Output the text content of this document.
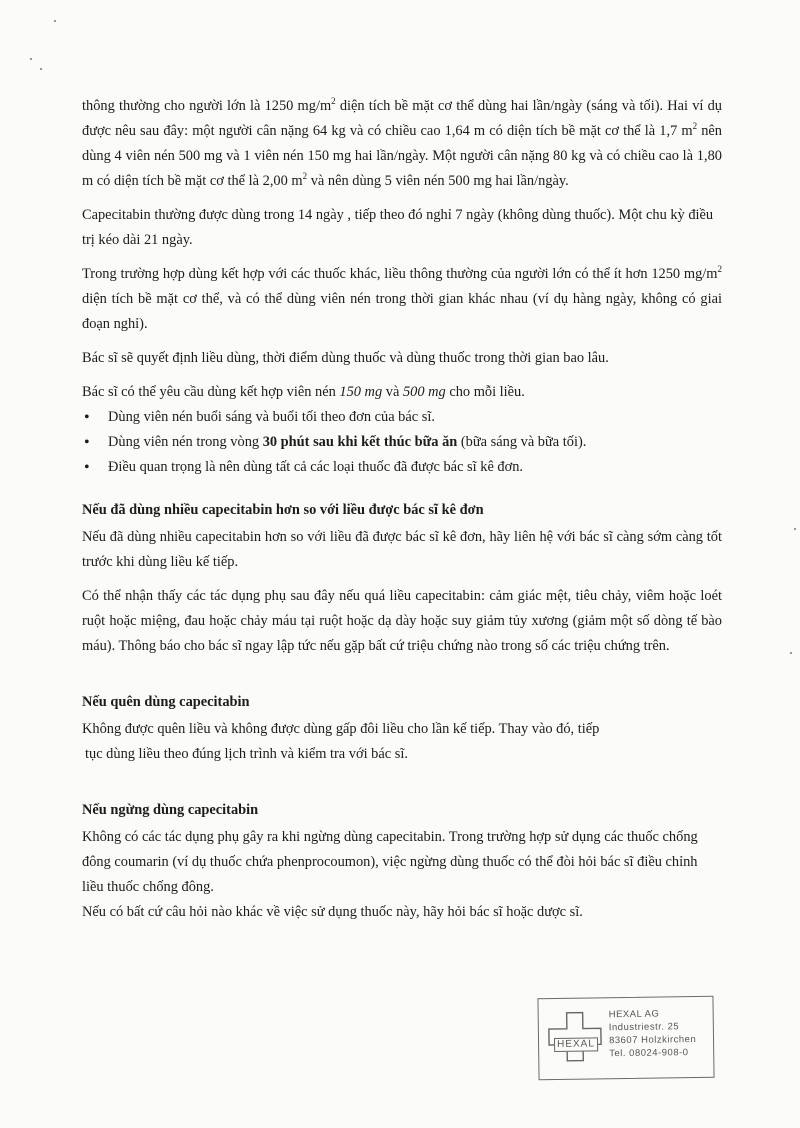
thông thường cho người lớn là 1250 $mg/m^2$ diện tích bề mặt cơ thể dùng hai lần/ngày (sáng và tối). Hai ví dụ được nêu sau đây: một người cân nặng 64 kg và có chiều cao 1,64 m có diện tích bề mặt cơ thể là 1,7 $m^2$ nên dùng 4 viên nén 500 mg và 1 viên nén 150 mg hai lần/ngày. Một người cân nặng 80 kg và có chiều cao là 1,80 m có diện tích bề mặt cơ thể là 2,00 $m^2$ và nên dùng 5 viên nén 500 mg hai lần/ngày.

Capecitabin thường được dùng trong 14 ngày , tiếp theo đó nghỉ 7 ngày (không dùng thuốc). Một chu kỳ điều trị kéo dài 21 ngày.

Trong trường hợp dùng kết hợp với các thuốc khác, liều thông thường của người lớn có thể ít hơn 1250 $mg/m^2$ diện tích bề mặt cơ thể, và có thể dùng viên nén trong thời gian khác nhau (ví dụ hàng ngày, không có giai đoạn nghỉ).

Bác sĩ sẽ quyết định liều dùng, thời điểm dùng thuốc và dùng thuốc trong thời gian bao lâu.

Bác sĩ có thể yêu cầu dùng kết hợp viên nén 150 mg và 500 mg cho mỗi liều.

• Dùng viên nén buổi sáng và buổi tối theo đơn của bác sĩ.
• Dùng viên nén trong vòng 30 phút sau khi kết thúc bữa ăn (bữa sáng và bữa tối).
• Điều quan trọng là nên dùng tất cả các loại thuốc đã được bác sĩ kê đơn.
Nếu đã dùng nhiều capecitabin hơn so với liều được bác sĩ kê đơn

Nếu đã dùng nhiều capecitabin hơn so với liều đã được bác sĩ kê đơn, hãy liên hệ với bác sĩ càng sớm càng tốt trước khi dùng liều kế tiếp.

Có thể nhận thấy các tác dụng phụ sau đây nếu quá liều capecitabin: cảm giác mệt, tiêu chảy, viêm hoặc loét ruột hoặc miệng, đau hoặc chảy máu tại ruột hoặc dạ dày hoặc suy giảm tủy xương (giảm một số dòng tế bào máu). Thông báo cho bác sĩ ngay lập tức nếu gặp bất cứ triệu chứng nào trong số các triệu chứng trên.

Nếu quên dùng capecitabin

Không được quên liều và không được dùng gấp đôi liều cho lần kế tiếp. Thay vào đó, tiếp

tục dùng liều theo đúng lịch trình và kiểm tra với bác sĩ.

Nếu ngừng dùng capecitabin

Không có các tác dụng phụ gây ra khi ngừng dùng capecitabin. Trong trường hợp sử dụng các thuốc chống đông coumarin (ví dụ thuốc chứa phenprocoumon), việc ngừng dùng thuốc có thể đòi hỏi bác sĩ điều chỉnh liều thuốc chống đông.

Nếu có bất cứ câu hỏi nào khác về việc sử dụng thuốc này, hãy hỏi bác sĩ hoặc dược sĩ.

HEXAL
HEXAL AG
Industriestr. 25
83607 Holzkirchen
Tel. 08024-908-0
